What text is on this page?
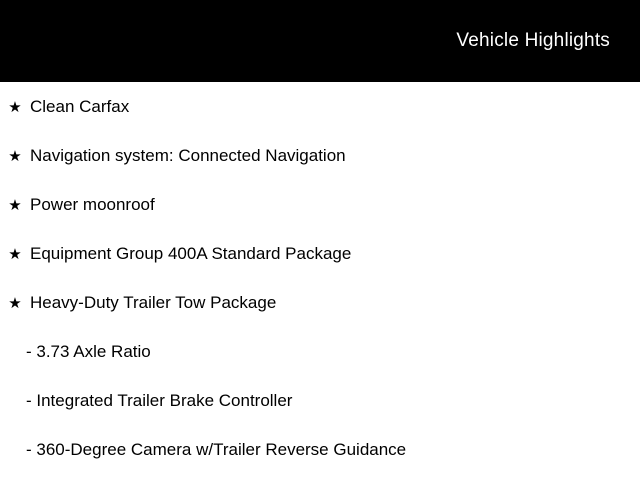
Vehicle Highlights
★ Clean Carfax
★ Navigation system: Connected Navigation
★ Power moonroof
★ Equipment Group 400A Standard Package
★ Heavy-Duty Trailer Tow Package
- 3.73 Axle Ratio
- Integrated Trailer Brake Controller
- 360-Degree Camera w/Trailer Reverse Guidance
